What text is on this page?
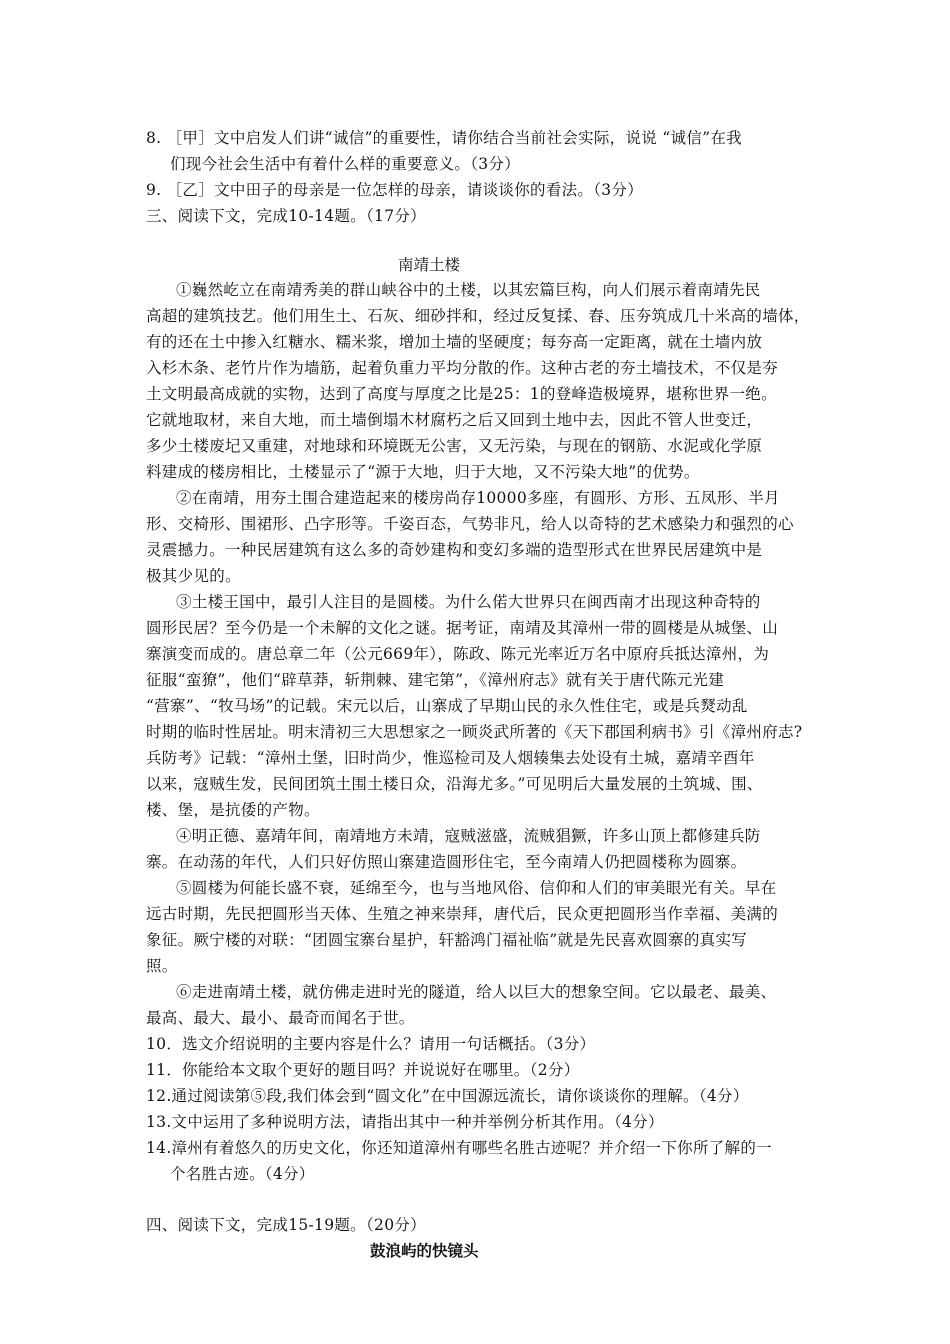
8. ［甲］文中启发人们讲“诚信”的重要性，请你结合当前社会实际，说说 “诚信”在我
们现今社会生活中有着什么样的重要意义。（3分）
9. ［乙］文中田子的母亲是一位怎样的母亲，请谈谈你的看法。（3分）
三、阅读下文，完成10-14题。（17分）
南靖土楼
①巍然屹立在南靖秀美的群山峡谷中的土楼，以其宏篇巨构，向人们展示着南靖先民
高超的建筑技艺。他们用生土、石灰、细砂拌和，经过反复揉、舂、压夯筑成几十米高的墙体，
有的还在土中掺入红糖水、糯米浆，增加土墙的坚硬度；每夯高一定距离，就在土墙内放
入杉木条、老竹片作为墙筋，起着负重力平均分散的作。这种古老的夯土墙技术，不仅是夯
土文明最高成就的实物，达到了高度与厚度之比是25：1的登峰造极境界，堪称世界一绝。
它就地取材，来自大地，而土墙倒塌木材腐朽之后又回到土地中去，因此不管人世变迁，
多少土楼废圮又重建，对地球和环境既无公害，又无污染，与现在的钢筋、水泥或化学原
料建成的楼房相比，土楼显示了“源于大地，归于大地，又不污染大地”的优势。
②在南靖，用夯土围合建造起来的楼房尚存10000多座，有圆形、方形、五凤形、半月
形、交椅形、围裙形、凸字形等。千姿百态，气势非凡，给人以奇特的艺术感染力和强烈的心
灵震撼力。一种民居建筑有这么多的奇妙建构和变幻多端的造型形式在世界民居建筑中是
极其少见的。
③土楼王国中，最引人注目的是圆楼。为什么偌大世界只在闽西南才出现这种奇特的
圆形民居？至今仍是一个未解的文化之谜。据考证，南靖及其漳州一带的圆楼是从城堡、山
寨演变而成的。唐总章二年（公元669年），陈政、陈元光率近万名中原府兵抵达漳州，为
征服“蛮獠”，他们“辟草莽，斩荆棘、建宅第”，《漳州府志》就有关于唐代陈元光建
“营寨”、“牧马场”的记载。宋元以后，山寨成了早期山民的永久性住宅，或是兵燹动乱
时期的临时性居址。明末清初三大思想家之一顾炎武所著的《天下郡国利病书》引《漳州府志?
兵防考》记载：“漳州土堡，旧时尚少，惟巡检司及人烟辏集去处设有土城，嘉靖辛酉年
以来，寇贼生发，民间团筑土围土楼日众，沿海尤多。”可见明后大量发展的土筑城、围、
楼、堡，是抗倭的产物。
④明正德、嘉靖年间，南靖地方未靖，寇贼滋盛，流贼猖獗，许多山顶上都修建兵防
寨。在动荡的年代，人们只好仿照山寨建造圆形住宅，至今南靖人仍把圆楼称为圆寨。
⑤圆楼为何能长盛不衰，延绵至今，也与当地风俗、信仰和人们的审美眼光有关。早在
远古时期，先民把圆形当天体、生殖之神来崇拜，唐代后，民众更把圆形当作幸福、美满的
象征。厥宁楼的对联：“团圆宝寨台星护，轩豁鸿门福祉临”就是先民喜欢圆寨的真实写
照。
⑥走进南靖土楼，就仿佛走进时光的隧道，给人以巨大的想象空间。它以最老、最美、
最高、最大、最小、最奇而闻名于世。
10．选文介绍说明的主要内容是什么？请用一句话概括。（3分）
11．你能给本文取个更好的题目吗？并说说好在哪里。（2分）
12.通过阅读第⑤段,我们体会到“圆文化”在中国源远流长，请你谈谈你的理解。（4分）
13.文中运用了多种说明方法，请指出其中一种并举例分析其作用。（4分）
14.漳州有着悠久的历史文化，你还知道漳州有哪些名胜古迹呢？并介绍一下你所了解的一
个名胜古迹。（4分）
四、阅读下文，完成15-19题。（20分）
鼓浪屿的快镜头
